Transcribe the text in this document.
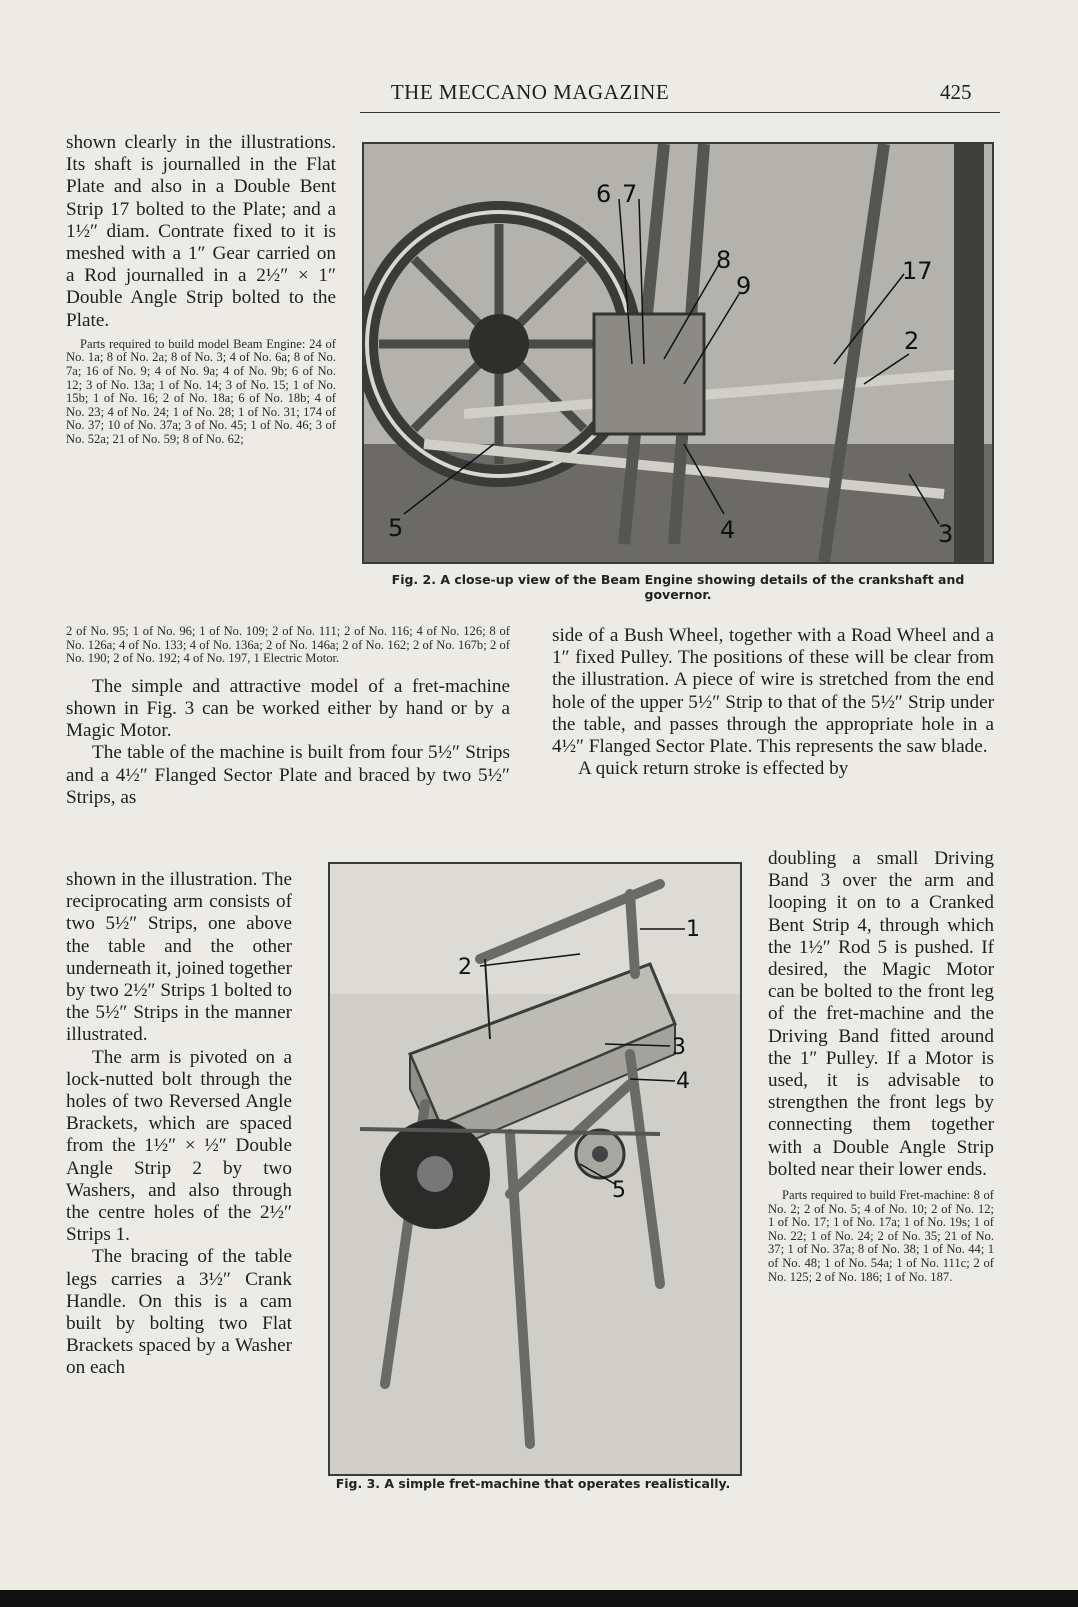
THE MECCANO MAGAZINE	425

shown clearly in the illustrations. Its shaft is journalled in the Flat Plate and also in a Double Bent Strip 17 bolted to the Plate; and a 1½″ diam. Contrate fixed to it is meshed with a 1″ Gear carried on a Rod journalled in a 2½″ × 1″ Double Angle Strip bolted to the Plate.

Parts required to build model Beam Engine: 24 of No. 1a; 8 of No. 2a; 8 of No. 3; 4 of No. 6a; 8 of No. 7a; 16 of No. 9; 4 of No. 9a; 4 of No. 9b; 6 of No. 12; 3 of No. 13a; 1 of No. 14; 3 of No. 15; 1 of No. 15b; 1 of No. 16; 2 of No. 18a; 6 of No. 18b; 4 of No. 23; 4 of No. 24; 1 of No. 28; 1 of No. 31; 174 of No. 37; 10 of No. 37a; 3 of No. 45; 1 of No. 46; 3 of No. 52a; 21 of No. 59; 8 of No. 62;

2 of No. 95; 1 of No. 96; 1 of No. 109; 2 of No. 111; 2 of No. 116; 4 of No. 126; 8 of No. 126a; 4 of No. 133; 4 of No. 136a; 2 of No. 146a; 2 of No. 162; 2 of No. 167b; 2 of No. 190; 2 of No. 192; 4 of No. 197, 1 Electric Motor.

The simple and attractive model of a fret-machine shown in Fig. 3 can be worked either by hand or by a Magic Motor.

The table of the machine is built from four 5½″ Strips and a 4½″ Flanged Sector Plate and braced by two 5½″ Strips, as

shown in the illustration. The reciprocating arm consists of two 5½″ Strips, one above the table and the other underneath it, joined together by two 2½″ Strips 1 bolted to the 5½″ Strips in the manner illustrated.

The arm is pivoted on a lock-nutted bolt through the holes of two Reversed Angle Brackets, which are spaced from the 1½″ × ½″ Double Angle Strip 2 by two Washers, and also through the centre holes of the 2½″ Strips 1.

The bracing of the table legs carries a 3½″ Crank Handle. On this is a cam built by bolting two Flat Brackets spaced by a Washer on each

side of a Bush Wheel, together with a Road Wheel and a 1″ fixed Pulley. The positions of these will be clear from the illustration. A piece of wire is stretched from the end hole of the upper 5½″ Strip to that of the 5½″ Strip under the table, and passes through the appropriate hole in a 4½″ Flanged Sector Plate. This represents the saw blade.

A quick return stroke is effected by

doubling a small Driving Band 3 over the arm and looping it on to a Cranked Bent Strip 4, through which the 1½″ Rod 5 is pushed. If desired, the Magic Motor can be bolted to the front leg of the fret-machine and the Driving Band fitted around the 1″ Pulley. If a Motor is used, it is advisable to strengthen the front legs by connecting them together with a Double Angle Strip bolted near their lower ends.

Parts required to build Fret-machine: 8 of No. 2; 2 of No. 5; 4 of No. 10; 2 of No. 12; 1 of No. 17; 1 of No. 17a; 1 of No. 19s; 1 of No. 22; 1 of No. 24; 2 of No. 35; 21 of No. 37; 1 of No. 37a; 8 of No. 38; 1 of No. 44; 1 of No. 48; 1 of No. 54a; 1 of No. 111c; 2 of No. 125; 2 of No. 186; 1 of No. 187.

6 7
8
9
17
2
5	4	3
Fig. 2. A close-up view of the Beam Engine showing details of the crankshaft and governor.
1
2
3
4
5
Fig. 3. A simple fret-machine that operates realistically.
